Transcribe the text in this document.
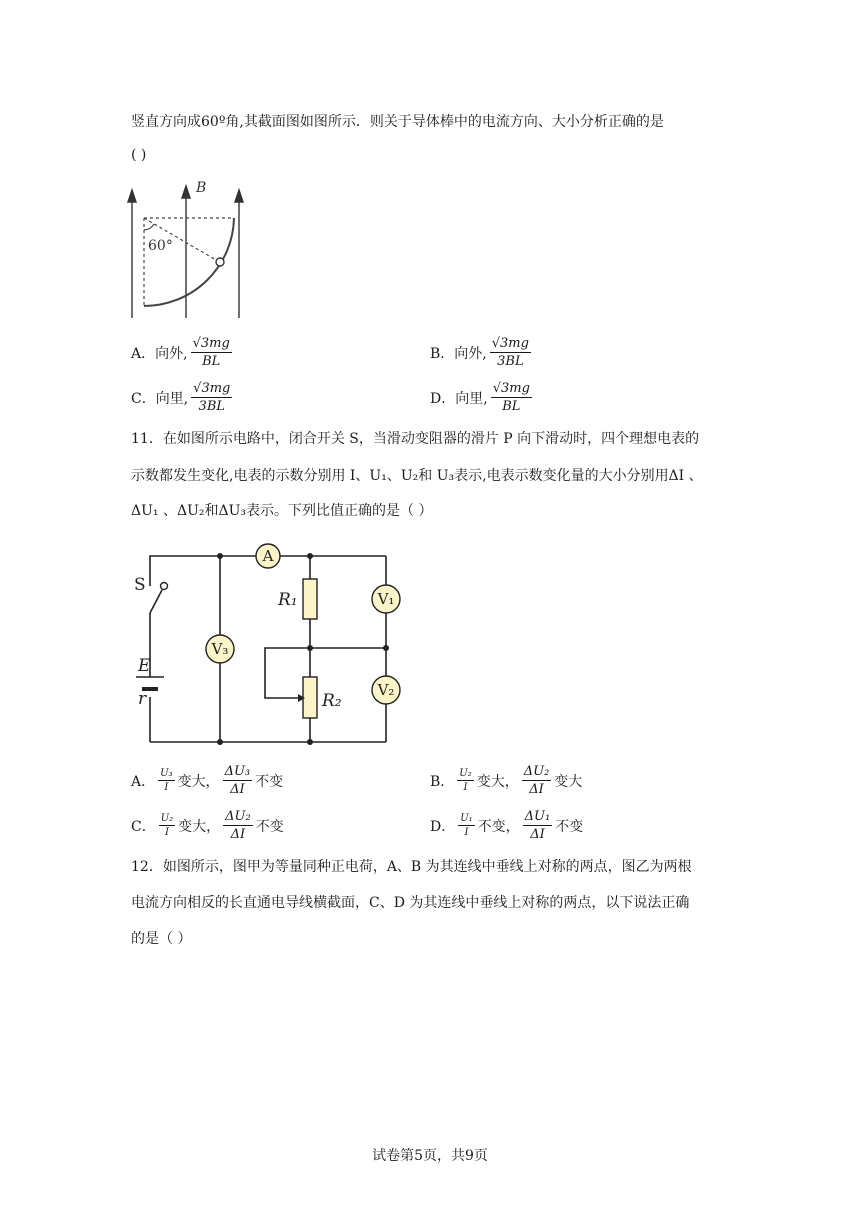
竖直方向成60º角,其截面图如图所示．则关于导体棒中的电流方向、大小分析正确的是
( )
B
60°
A． 向外, $\frac{√3mg}{BL}$	B． 向外, $\frac{√3mg}{3BL}$
C． 向里, $\frac{√3mg}{3BL}$	D． 向里, $\frac{√3mg}{BL}$
11．在如图所示电路中，闭合开关 S，当滑动变阻器的滑片 P 向下滑动时，四个理想电表的
示数都发生变化,电表的示数分别用 I、U₁、U₂和 U₃表示,电表示数变化量的大小分别用ΔI 、
ΔU₁ 、ΔU₂和ΔU₃表示。下列比值正确的是（ ）
A
V₁
V₂
V₃
S
E
r
R₁
R₂
A． $\frac{\text{U₃}}{I}$ 变大， $\frac{\text{ΔU₃}}{\Delta I}$ 不变	B． $\frac{\text{U₂}}{I}$ 变大， $\frac{\text{ΔU₂}}{\Delta I}$ 变大
C． $\frac{\text{U₂}}{I}$ 变大， $\frac{\text{ΔU₂}}{\Delta I}$ 不变	D． $\frac{\text{U₁}}{I}$ 不变， $\frac{\text{ΔU₁}}{\Delta I}$ 不变
12．如图所示，图甲为等量同种正电荷，A、B 为其连线中垂线上对称的两点，图乙为两根
电流方向相反的长直通电导线横截面，C、D 为其连线中垂线上对称的两点，以下说法正确
的是（ ）
试卷第5页，共9页
